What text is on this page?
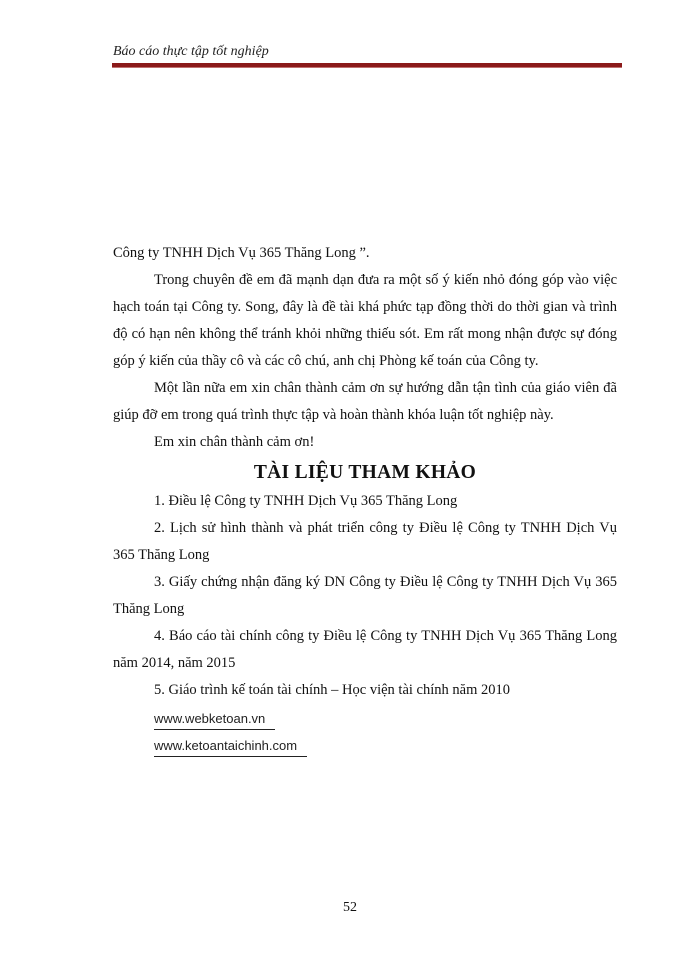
Báo cáo thực tập tốt nghiệp

Công ty TNHH Dịch Vụ 365 Thăng Long ”.

Trong chuyên đề em đã mạnh dạn đưa ra một số ý kiến nhỏ đóng góp vào việc hạch toán tại Công ty. Song, đây là đề tài khá phức tạp đồng thời do thời gian và trình độ có hạn nên không thể tránh khỏi những thiếu sót. Em rất mong nhận được sự đóng góp ý kiến của thầy cô và các cô chú, anh chị Phòng kế toán của Công ty.

Một lần nữa em xin chân thành cảm ơn sự hướng dẫn tận tình của giáo viên đã giúp đỡ em trong quá trình thực tập và hoàn thành khóa luận tốt nghiệp này.

Em xin chân thành cảm ơn!

TÀI LIỆU THAM KHẢO

1. Điều lệ Công ty TNHH Dịch Vụ 365 Thăng Long

2. Lịch sử hình thành và phát triển công ty Điều lệ Công ty TNHH Dịch Vụ 365 Thăng Long

3. Giấy chứng nhận đăng ký DN Công ty Điều lệ Công ty TNHH Dịch Vụ 365 Thăng Long

4. Báo cáo tài chính công ty Điều lệ Công ty TNHH Dịch Vụ 365 Thăng Long năm 2014, năm 2015

5. Giáo trình kế toán tài chính – Học viện tài chính năm 2010

www.webketoan.vn
www.ketoantaichinh.com
52
